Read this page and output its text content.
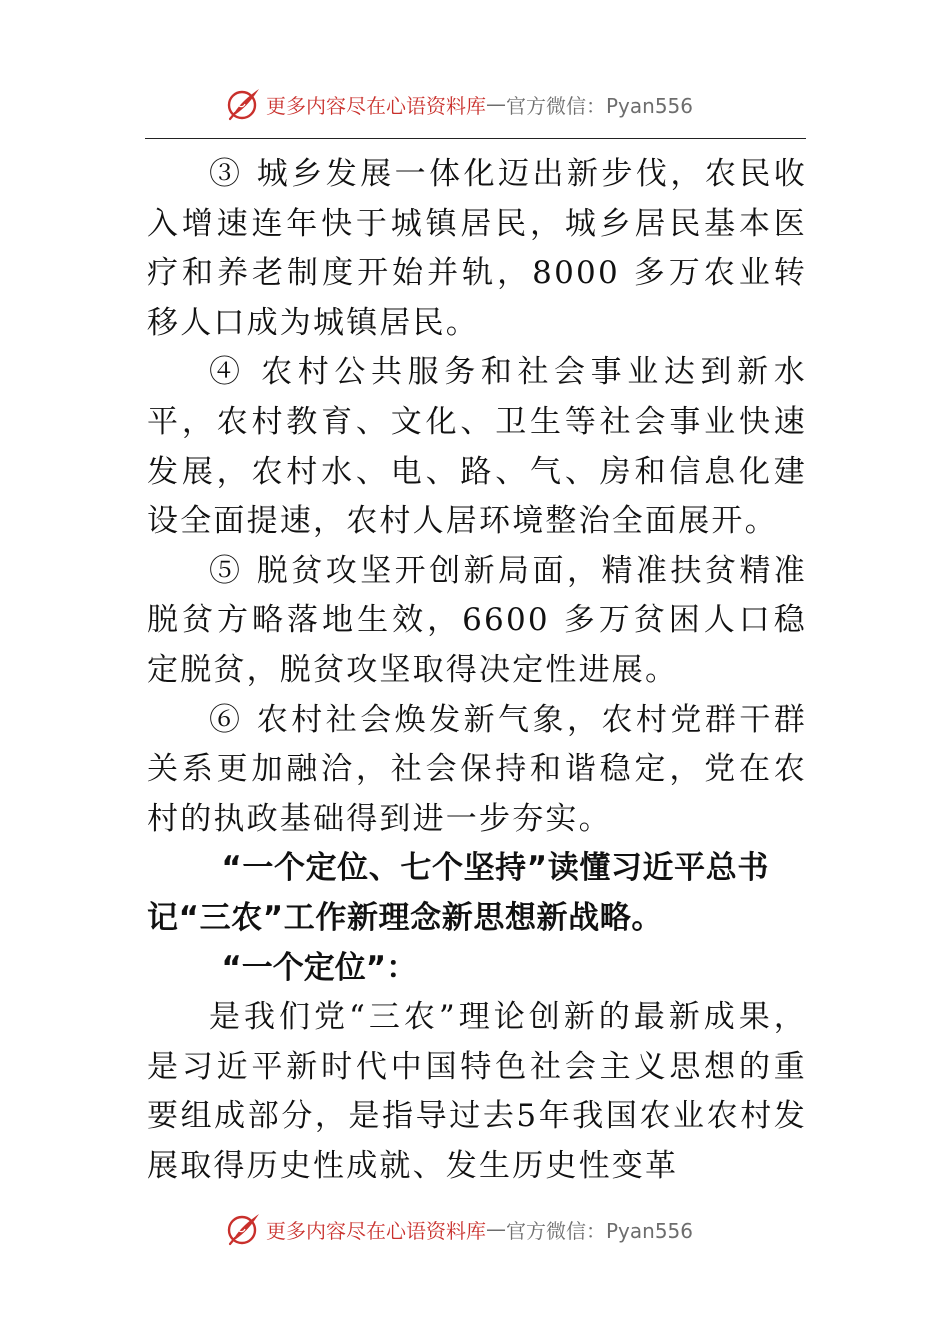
更多内容尽在心语资料库 — 官方微信：Pyan556

③ 城乡发展一体化迈出新步伐，农民收入增速连年快于城镇居民，城乡居民基本医疗和养老制度开始并轨，8000 多万农业转移人口成为城镇居民。

④ 农村公共服务和社会事业达到新水平，农村教育、文化、卫生等社会事业快速发展，农村水、电、路、气、房和信息化建设全面提速，农村人居环境整治全面展开。

⑤ 脱贫攻坚开创新局面，精准扶贫精准脱贫方略落地生效，6600 多万贫困人口稳定脱贫，脱贫攻坚取得决定性进展。

⑥ 农村社会焕发新气象，农村党群干群关系更加融洽，社会保持和谐稳定，党在农村的执政基础得到进一步夯实。

“一个定位、七个坚持”读懂习近平总书记“三农”工作新理念新思想新战略。

“一个定位”：

是我们党“三农”理论创新的最新成果，是习近平新时代中国特色社会主义思想的重要组成部分，是指导过去5年我国农业农村发展取得历史性成就、发生历史性变革

更多内容尽在心语资料库 — 官方微信：Pyan556
